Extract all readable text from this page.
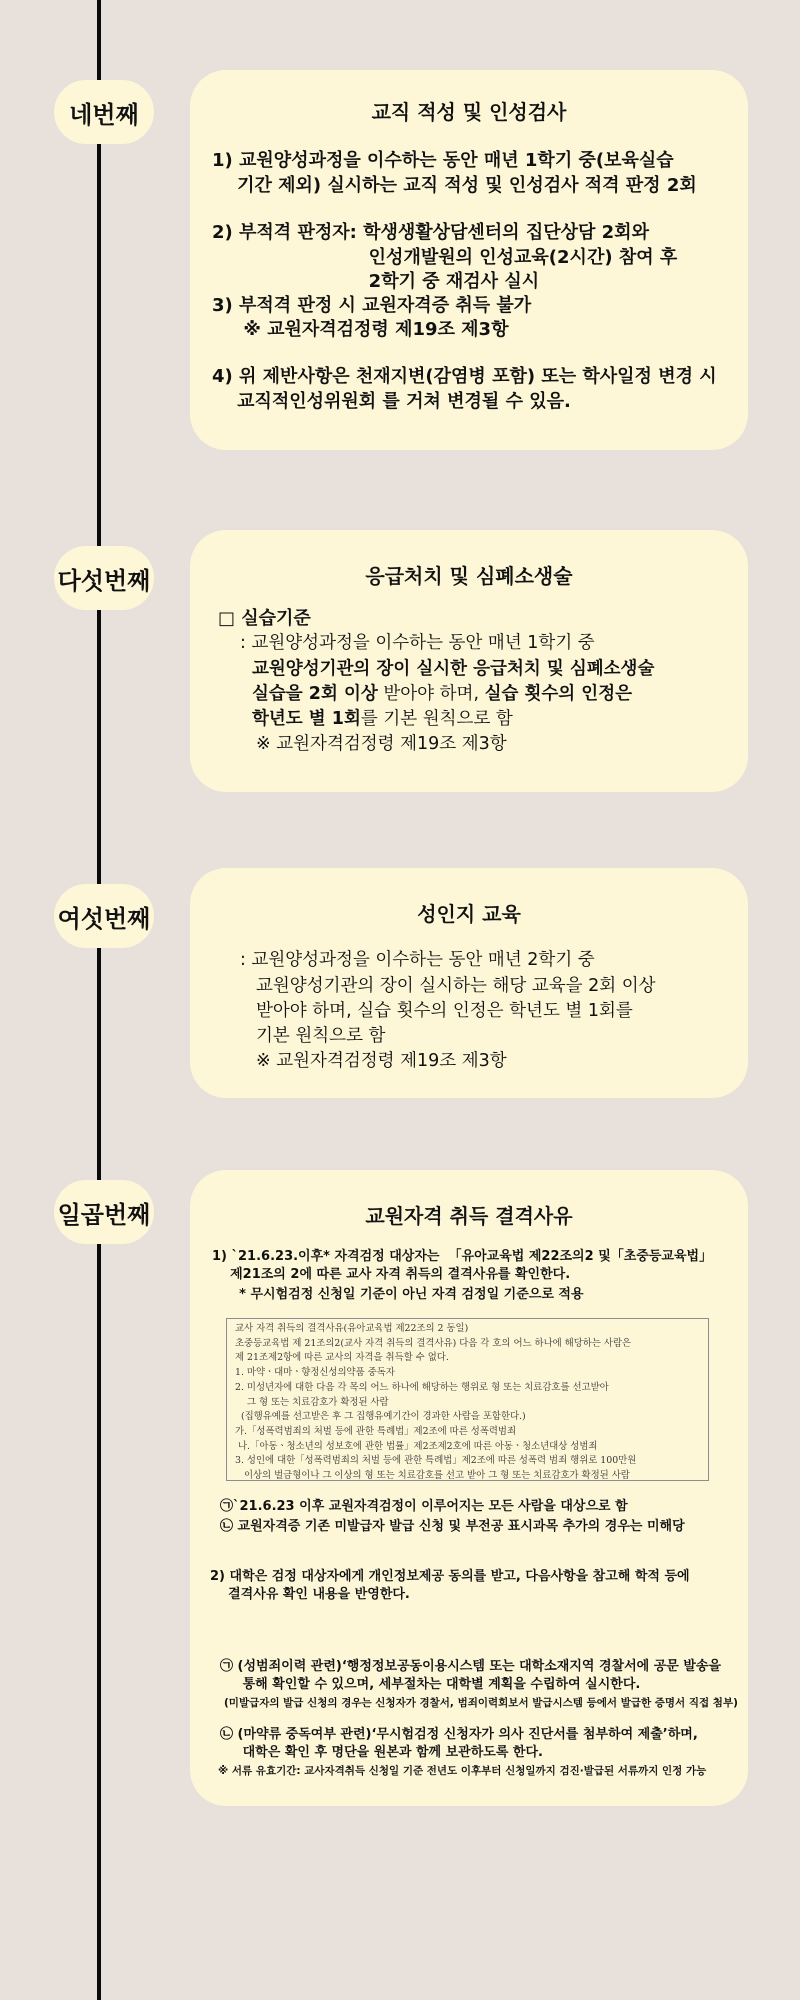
네번째	교직 적성 및 인성검사

1) 교원양성과정을 이수하는 동안 매년 1학기 중(보육실습

기간 제외) 실시하는 교직 적성 및 인성검사 적격 판정 2회

2) 부적격 판정자: 학생생활상담센터의 집단상담 2회와

인성개발원의 인성교육(2시간) 참여 후

2학기 중 재검사 실시

3) 부적격 판정 시 교원자격증 취득 불가

※ 교원자격검정령 제19조 제3항

4) 위 제반사항은 천재지변(감염병 포함) 또는 학사일정 변경 시

교직적인성위원회 를 거쳐 변경될 수 있음.

다섯번째	응급처치 및 심폐소생술

□ 실습기준

: 교원양성과정을 이수하는 동안 매년 1학기 중

교원양성기관의 장이 실시한 응급처치 및 심폐소생술

실습을 2회 이상 받아야 하며, 실습 횟수의 인정은

학년도 별 1회를 기본 원칙으로 함

※ 교원자격검정령 제19조 제3항

여섯번째	성인지 교육

: 교원양성과정을 이수하는 동안 매년 2학기 중

교원양성기관의 장이 실시하는 해당 교육을 2회 이상

받아야 하며, 실습 횟수의 인정은 학년도 별 1회를

기본 원칙으로 함

※ 교원자격검정령 제19조 제3항

일곱번째	교원자격 취득 결격사유

1) `21.6.23.이후* 자격검정 대상자는  「유아교육법 제22조의2 및「초중등교육법」

제21조의 2에 따른 교사 자격 취득의 결격사유를 확인한다.

* 무시험검정 신청일 기준이 아닌 자격 검정일 기준으로 적용

교사 자격 취득의 결격사유(유아교육법 제22조의 2 동일)
초중등교육법 제 21조의2(교사 자격 취득의 결격사유) 다음 각 호의 어느 하나에 해당하는 사람은
제 21조제2항에 따른 교사의 자격을 취득할 수 없다.
1. 마약ㆍ대마ㆍ향정신성의약품 중독자
2. 미성년자에 대한 다음 각 목의 어느 하나에 해당하는 행위로 형 또는 치료감호를 선고받아
그 형 또는 치료감호가 확정된 사람
(집행유예를 선고받은 후 그 집행유예기간이 경과한 사람을 포함한다.)
가.「성폭력범죄의 처벌 등에 관한 특례법」제2조에 따른 성폭력범죄
나.「아동ㆍ청소년의 성보호에 관한 법률」제2조제2호에 따른 아동ㆍ청소년대상 성범죄
3. 성인에 대한「성폭력범죄의 처벌 등에 관한 특례법」제2조에 따른 성폭력 범죄 행위로 100만원
이상의 벌금형이나 그 이상의 형 또는 치료감호를 선고 받아 그 형 또는 치료감호가 확정된 사람

㉠`21.6.23 이후 교원자격검정이 이루어지는 모든 사람을 대상으로 함

㉡ 교원자격증 기존 미발급자 발급 신청 및 부전공 표시과목 추가의 경우는 미해당

2) 대학은 검정 대상자에게 개인정보제공 동의를 받고, 다음사항을 참고해 학적 등에

결격사유 확인 내용을 반영한다.

㉠ (성범죄이력 관련)‘행정정보공동이용시스템 또는 대학소재지역 경찰서에 공문 발송을

통해 확인할 수 있으며, 세부절차는 대학별 계획을 수립하여 실시한다.

(미발급자의 발급 신청의 경우는 신청자가 경찰서, 범죄이력회보서 발급시스템 등에서 발급한 증명서 직접 첨부)

㉡ (마약류 중독여부 관련)‘무시험검정 신청자가 의사 진단서를 첨부하여 제출’하며,

대학은 확인 후 명단을 원본과 함께 보관하도록 한다.

※ 서류 유효기간: 교사자격취득 신청일 기준 전년도 이후부터 신청일까지 검진·발급된 서류까지 인정 가능
